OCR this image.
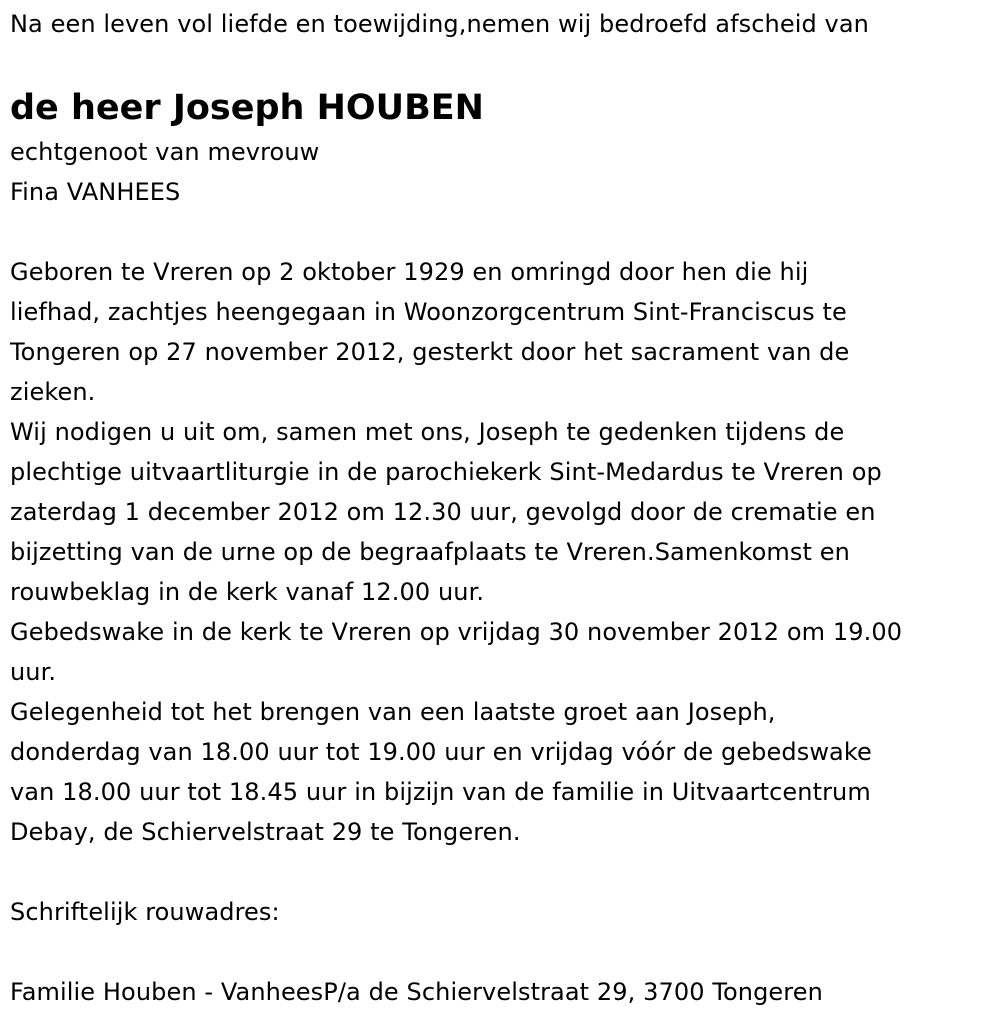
Na een leven vol liefde en toewijding,nemen wij bedroefd afscheid van
de heer Joseph HOUBEN
echtgenoot van mevrouw
Fina VANHEES
Geboren te Vreren op 2 oktober 1929 en omringd door hen die hij
liefhad, zachtjes heengegaan in Woonzorgcentrum Sint-Franciscus te
Tongeren op 27 november 2012, gesterkt door het sacrament van de
zieken.
Wij nodigen u uit om, samen met ons, Joseph te gedenken tijdens de
plechtige uitvaartliturgie in de parochiekerk Sint-Medardus te Vreren op
zaterdag 1 december 2012 om 12.30 uur, gevolgd door de crematie en
bijzetting van de urne op de begraafplaats te Vreren.Samenkomst en
rouwbeklag in de kerk vanaf 12.00 uur.
Gebedswake in de kerk te Vreren op vrijdag 30 november 2012 om 19.00
uur.
Gelegenheid tot het brengen van een laatste groet aan Joseph,
donderdag van 18.00 uur tot 19.00 uur en vrijdag vóór de gebedswake
van 18.00 uur tot 18.45 uur in bijzijn van de familie in Uitvaartcentrum
Debay, de Schiervelstraat 29 te Tongeren.
Schriftelijk rouwadres:
Familie Houben - VanheesP/a de Schiervelstraat 29, 3700 Tongeren
